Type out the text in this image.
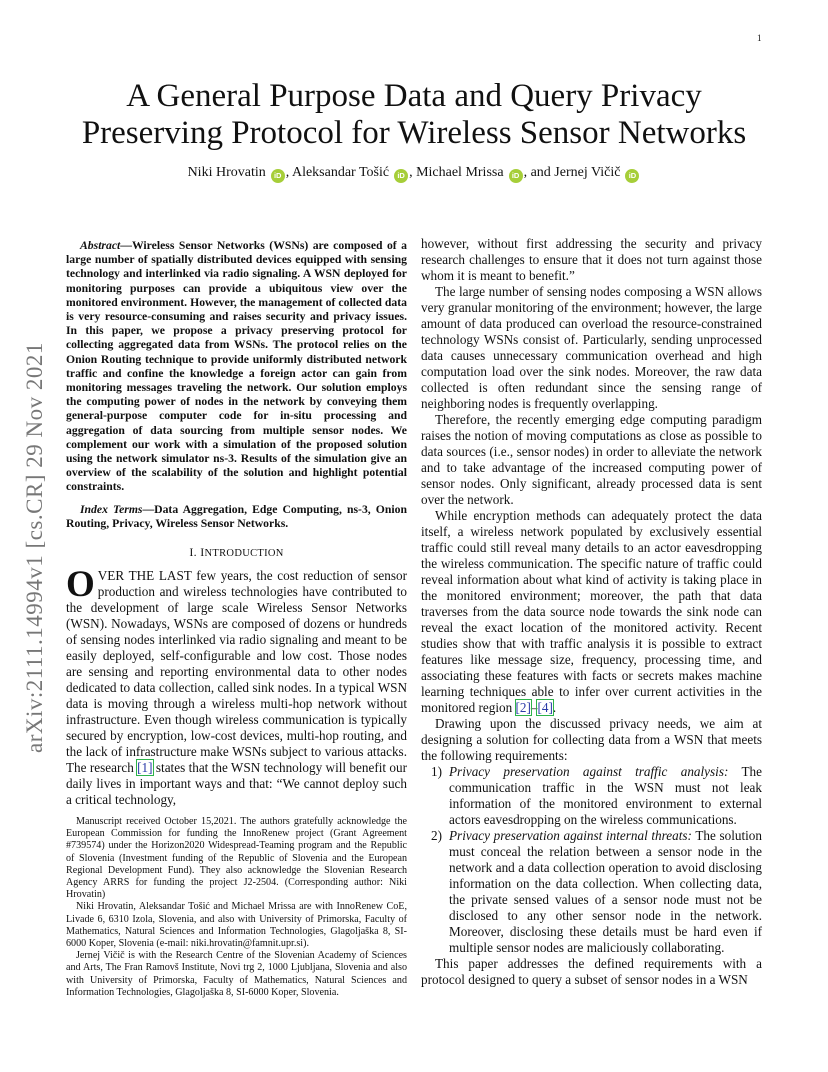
1
arXiv:2111.14994v1 [cs.CR] 29 Nov 2021
A General Purpose Data and Query Privacy
Preserving Protocol for Wireless Sensor Networks
Niki Hrovatin iD , Aleksandar Tošić iD , Michael Mrissa iD , and Jernej Vičič iD

Abstract—Wireless Sensor Networks (WSNs) are composed of a large number of spatially distributed devices equipped with sensing technology and interlinked via radio signaling. A WSN deployed for monitoring purposes can provide a ubiquitous view over the monitored environment. However, the management of collected data is very resource-consuming and raises security and privacy issues. In this paper, we propose a privacy preserving protocol for collecting aggregated data from WSNs. The protocol relies on the Onion Routing technique to provide uniformly distributed network traffic and confine the knowledge a foreign actor can gain from monitoring messages traveling the network. Our solution employs the computing power of nodes in the network by conveying them general-purpose computer code for in-situ processing and aggregation of data sourcing from multiple sensor nodes. We complement our work with a simulation of the proposed solution using the network simulator ns-3. Results of the simulation give an overview of the scalability of the solution and highlight potential constraints.

Index Terms—Data Aggregation, Edge Computing, ns-3, Onion Routing, Privacy, Wireless Sensor Networks.

I. INTRODUCTION

OVER THE LAST few years, the cost reduction of sensor production and wireless technologies have contributed to the development of large scale Wireless Sensor Networks (WSN). Nowadays, WSNs are composed of dozens or hundreds of sensing nodes interlinked via radio signaling and meant to be easily deployed, self-configurable and low cost. Those nodes are sensing and reporting environmental data to other nodes dedicated to data collection, called sink nodes. In a typical WSN data is moving through a wireless multi-hop network without infrastructure. Even though wireless communication is typically secured by encryption, low-cost devices, multi-hop routing, and the lack of infrastructure make WSNs subject to various attacks. The research [1] states that the WSN technology will benefit our daily lives in important ways and that: “We cannot deploy such a critical technology,

Manuscript received October 15,2021. The authors gratefully acknowledge the European Commission for funding the InnoRenew project (Grant Agreement #739574) under the Horizon2020 Widespread-Teaming program and the Republic of Slovenia (Investment funding of the Republic of Slovenia and the European Regional Development Fund). They also acknowledge the Slovenian Research Agency ARRS for funding the project J2-2504. (Corresponding author: Niki Hrovatin)

Niki Hrovatin, Aleksandar Tošić and Michael Mrissa are with InnoRenew CoE, Livade 6, 6310 Izola, Slovenia, and also with University of Primorska, Faculty of Mathematics, Natural Sciences and Information Technologies, Glagoljaška 8, SI-6000 Koper, Slovenia (e-mail: niki.hrovatin@famnit.upr.si).

Jernej Vičič is with the Research Centre of the Slovenian Academy of Sciences and Arts, The Fran Ramovš Institute, Novi trg 2, 1000 Ljubljana, Slovenia and also with University of Primorska, Faculty of Mathematics, Natural Sciences and Information Technologies, Glagoljaška 8, SI-6000 Koper, Slovenia.

however, without first addressing the security and privacy research challenges to ensure that it does not turn against those whom it is meant to benefit.”

The large number of sensing nodes composing a WSN allows very granular monitoring of the environment; however, the large amount of data produced can overload the resource-constrained technology WSNs consist of. Particularly, sending unprocessed data causes unnecessary communication overhead and high computation load over the sink nodes. Moreover, the raw data collected is often redundant since the sensing range of neighboring nodes is frequently overlapping.

Therefore, the recently emerging edge computing paradigm raises the notion of moving computations as close as possible to data sources (i.e., sensor nodes) in order to alleviate the network and to take advantage of the increased computing power of sensor nodes. Only significant, already processed data is sent over the network.

While encryption methods can adequately protect the data itself, a wireless network populated by exclusively essential traffic could still reveal many details to an actor eavesdropping the wireless communication. The specific nature of traffic could reveal information about what kind of activity is taking place in the monitored environment; moreover, the path that data traverses from the data source node towards the sink node can reveal the exact location of the monitored activity. Recent studies show that with traffic analysis it is possible to extract features like message size, frequency, processing time, and associating these features with facts or secrets makes machine learning techniques able to infer over current activities in the monitored region [2]–[4].

Drawing upon the discussed privacy needs, we aim at designing a solution for collecting data from a WSN that meets the following requirements:

1) Privacy preservation against traffic analysis: The communication traffic in the WSN must not leak information of the monitored environment to external actors eavesdropping on the wireless communications.
2) Privacy preservation against internal threats: The solution must conceal the relation between a sensor node in the network and a data collection operation to avoid disclosing information on the data collection. When collecting data, the private sensed values of a sensor node must not be disclosed to any other sensor node in the network. Moreover, disclosing these details must be hard even if multiple sensor nodes are maliciously collaborating.

This paper addresses the defined requirements with a protocol designed to query a subset of sensor nodes in a WSN
